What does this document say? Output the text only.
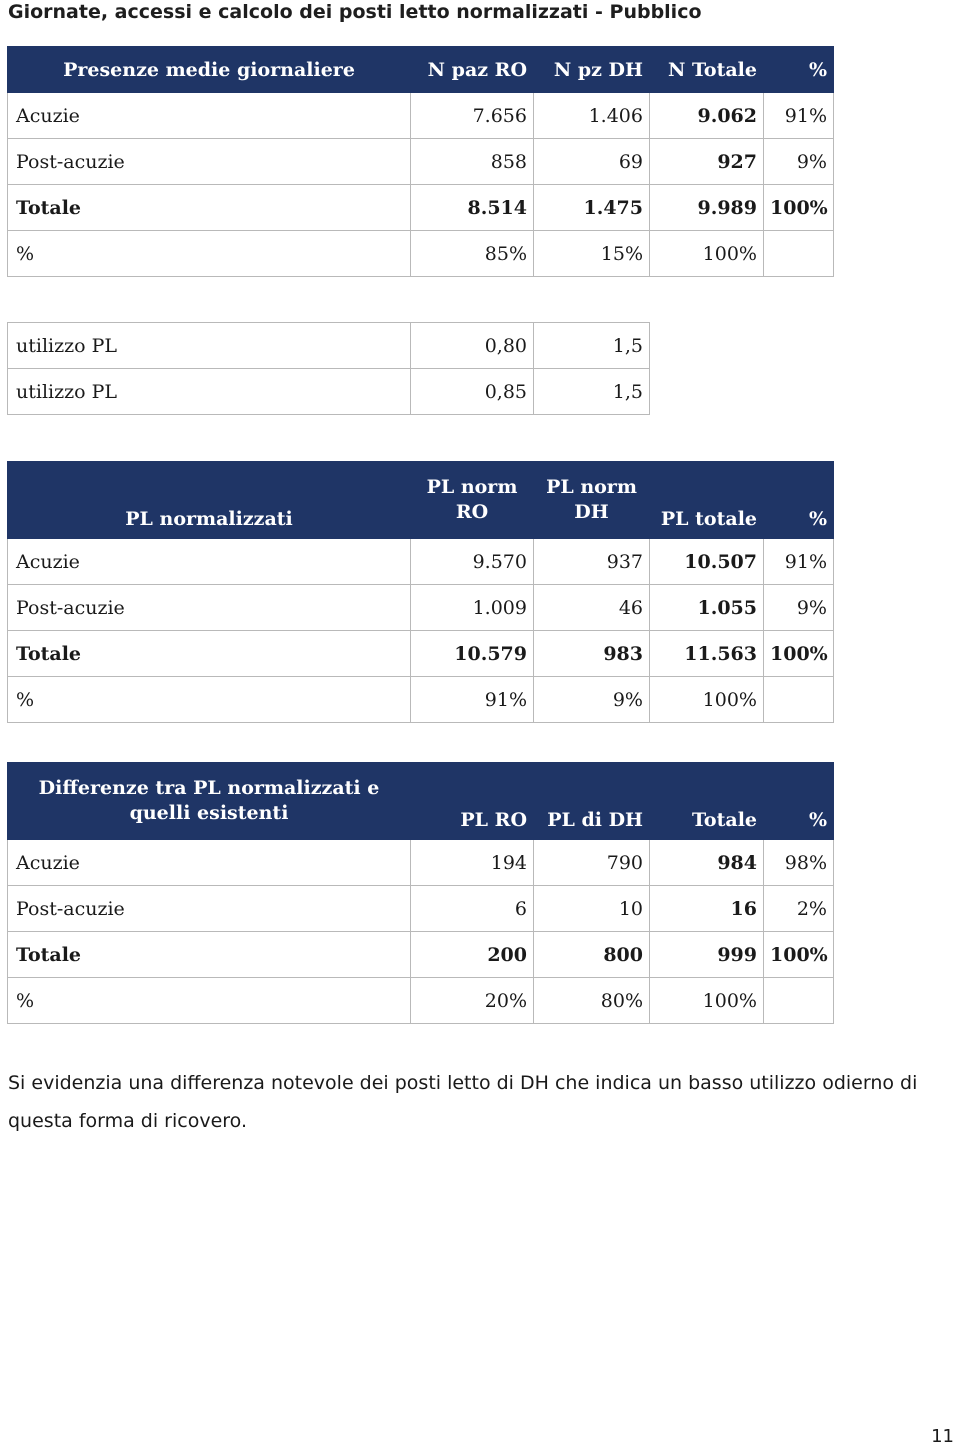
Giornate, accessi e calcolo dei posti letto normalizzati - Pubblico
Presenze medie giornaliere	N paz RO	N pz DH	N Totale	%
Acuzie	7.656	1.406	9.062	91%
Post-acuzie	858	69	927	9%
Totale	8.514	1.475	9.989	100%
%	85%	15%	100%	
utilizzo PL	0,80	1,5
utilizzo PL	0,85	1,5
PL normalizzati	PL norm RO	PL norm DH	PL totale	%
Acuzie	9.570	937	10.507	91%
Post-acuzie	1.009	46	1.055	9%
Totale	10.579	983	11.563	100%
%	91%	9%	100%	
Differenze tra PL normalizzati e quelli esistenti	PL RO	PL di DH	Totale	%
Acuzie	194	790	984	98%
Post-acuzie	6	10	16	2%
Totale	200	800	999	100%
%	20%	80%	100%	
Si evidenzia una differenza notevole dei posti letto di DH che indica un basso utilizzo odierno di questa forma di ricovero.
11
